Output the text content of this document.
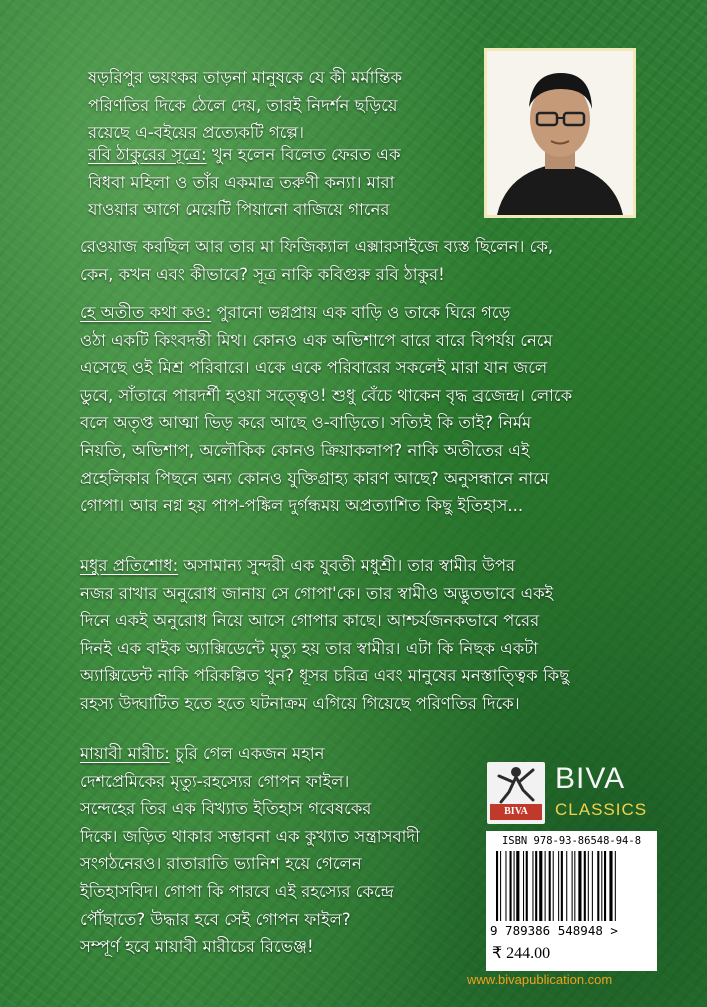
ষড়রিপুর ভয়ংকর তাড়না মানুষকে যে কী মর্মান্তিক
পরিণতির দিকে ঠেলে দেয়, তারই নিদর্শন ছড়িয়ে
রয়েছে এ-বইয়ের প্রত্যেকটি গল্পে।
রবি ঠাকুরের সূত্রে: খুন হলেন বিলেত ফেরত এক
বিধবা মহিলা ও তাঁর একমাত্র তরুণী কন্যা। মারা
যাওয়ার আগে মেয়েটি পিয়ানো বাজিয়ে গানের
রেওয়াজ করছিল আর তার মা ফিজিক্যাল এক্সারসাইজে ব্যস্ত ছিলেন। কে,
কেন, কখন এবং কীভাবে? সূত্র নাকি কবিগুরু রবি ঠাকুর!
হে অতীত কথা কও: পুরানো ভগ্নপ্রায় এক বাড়ি ও তাকে ঘিরে গড়ে
ওঠা একটি কিংবদন্তী মিথ। কোনও এক অভিশাপে বারে বারে বিপর্যয় নেমে
এসেছে ওই মিশ্র পরিবারে। একে একে পরিবারের সকলেই মারা যান জলে
ডুবে, সাঁতারে পারদর্শী হওয়া সত্ত্বেও! শুধু বেঁচে থাকেন বৃদ্ধ ব্রজেন্দ্র। লোকে
বলে অতৃপ্ত আত্মা ভিড় করে আছে ও-বাড়িতে। সত্যিই কি তাই? নির্মম
নিয়তি, অভিশাপ, অলৌকিক কোনও ক্রিয়াকলাপ? নাকি অতীতের এই
প্রহেলিকার পিছনে অন্য কোনও যুক্তিগ্রাহ্য কারণ আছে? অনুসন্ধানে নামে
গোপা। আর নগ্ন হয় পাপ-পঙ্কিল দুর্গন্ধময় অপ্রত্যাশিত কিছু ইতিহাস...
মধুর প্রতিশোধ: অসামান্য সুন্দরী এক যুবতী মধুশ্রী। তার স্বামীর উপর
নজর রাখার অনুরোধ জানায় সে গোপা'কে। তার স্বামীও অদ্ভুতভাবে একই
দিনে একই অনুরোধ নিয়ে আসে গোপার কাছে। আশ্চর্যজনকভাবে পরের
দিনই এক বাইক অ্যাক্সিডেন্টে মৃত্যু হয় তার স্বামীর। এটা কি নিছক একটা
অ্যাক্সিডেন্ট নাকি পরিকল্পিত খুন? ধূসর চরিত্র এবং মানুষের মনস্তাত্ত্বিক কিছু
রহস্য উদ্ঘাটিত হতে হতে ঘটনাক্রম এগিয়ে গিয়েছে পরিণতির দিকে।
মায়াবী মারীচ: চুরি গেল একজন মহান
দেশপ্রেমিকের মৃত্যু-রহস্যের গোপন ফাইল।
সন্দেহের তির এক বিখ্যাত ইতিহাস গবেষকের
দিকে। জড়িত থাকার সম্ভাবনা এক কুখ্যাত সন্ত্রাসবাদী
সংগঠনেরও। রাতারাতি ভ্যানিশ হয়ে গেলেন
ইতিহাসবিদ। গোপা কি পারবে এই রহস্যের কেন্দ্রে
পৌঁছাতে? উদ্ধার হবে সেই গোপন ফাইল?
সম্পূর্ণ হবে মায়াবী মারীচের রিভেঞ্জ!
BIVA
BIVA
CLASSICS
ISBN 978-93-86548-94-8
9 789386 548948 >
₹ 244.00
www.bivapublication.com
